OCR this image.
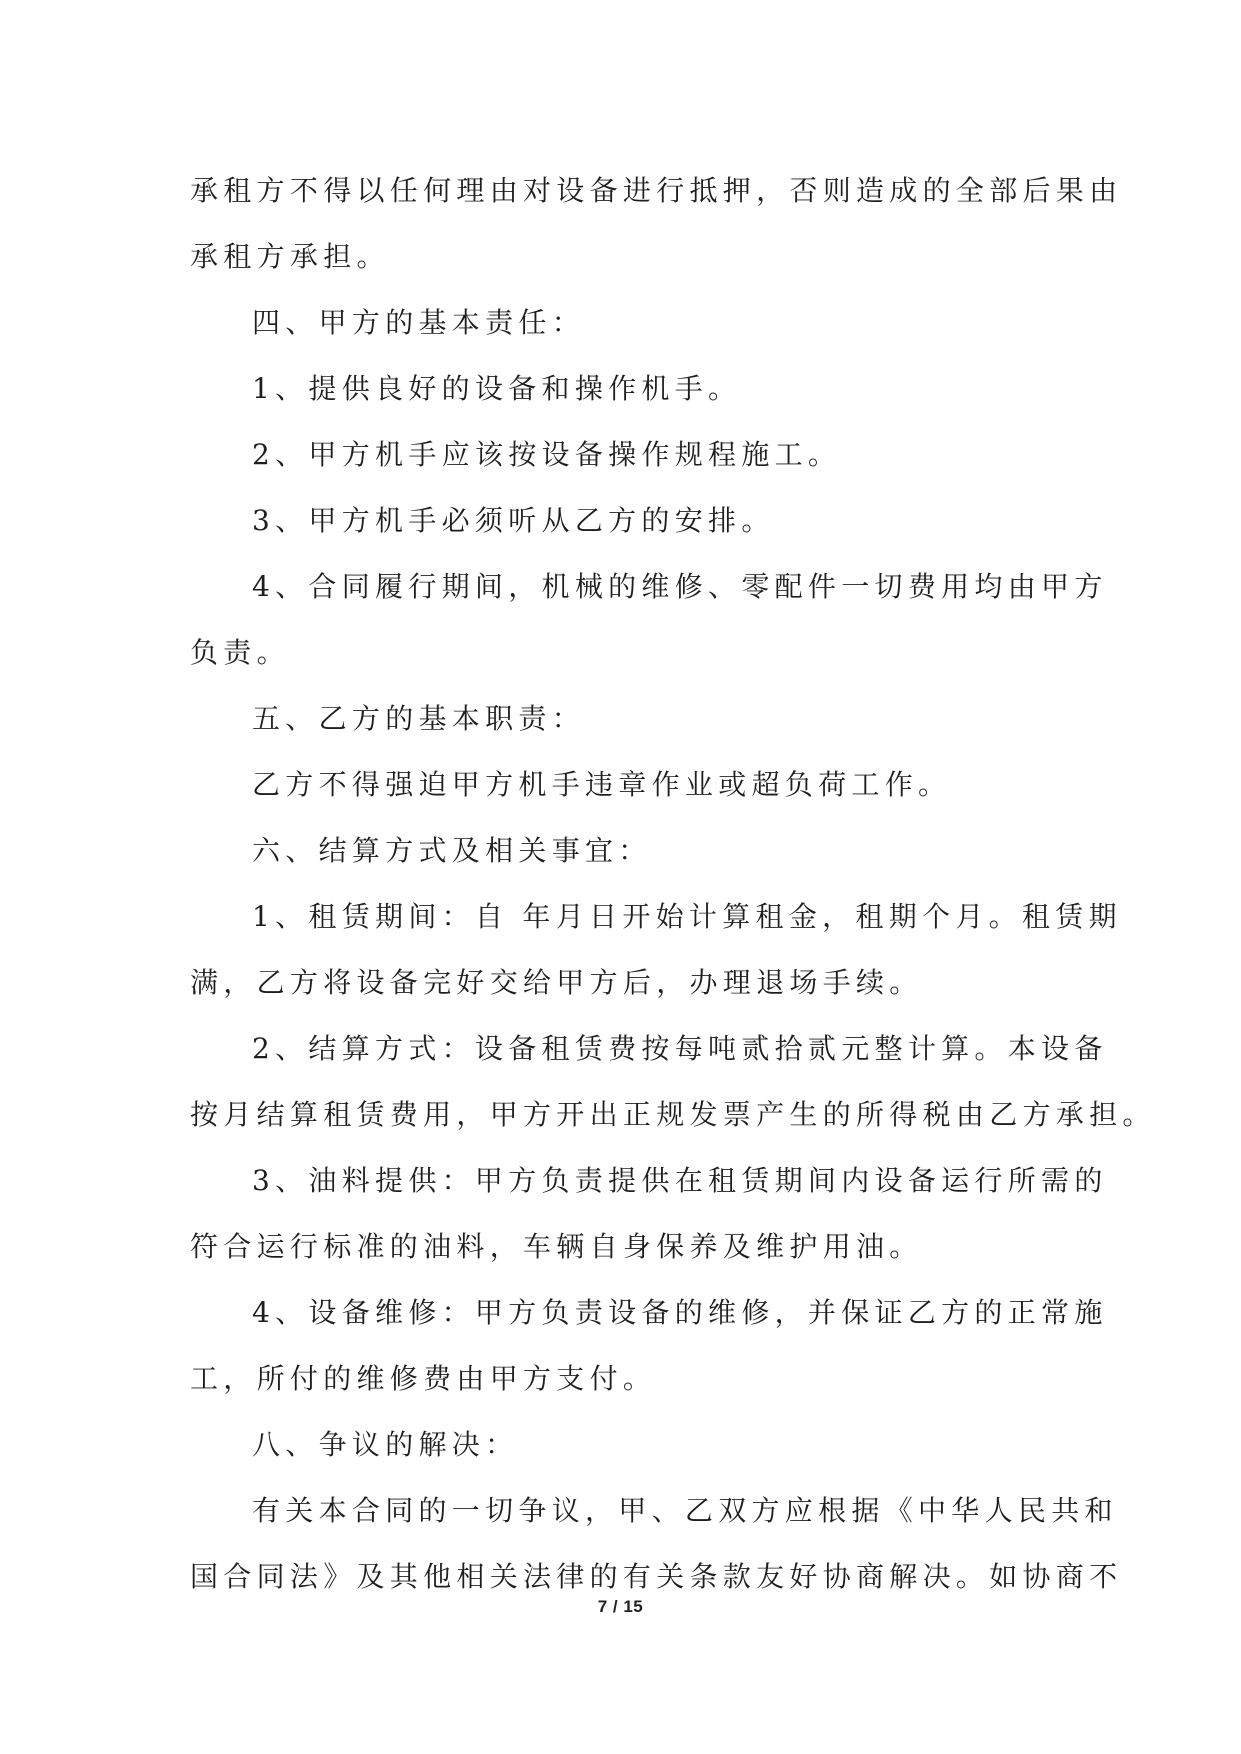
承租方不得以任何理由对设备进行抵押，否则造成的全部后果由

承租方承担。

四、甲方的基本责任：

1、提供良好的设备和操作机手。

2、甲方机手应该按设备操作规程施工。

3、甲方机手必须听从乙方的安排。

4、合同履行期间，机械的维修、零配件一切费用均由甲方

负责。

五、乙方的基本职责：

乙方不得强迫甲方机手违章作业或超负荷工作。

六、结算方式及相关事宜：

1、租赁期间：自 年月日开始计算租金，租期个月。租赁期

满，乙方将设备完好交给甲方后，办理退场手续。

2、结算方式：设备租赁费按每吨贰拾贰元整计算。本设备

按月结算租赁费用，甲方开出正规发票产生的所得税由乙方承担。

3、油料提供：甲方负责提供在租赁期间内设备运行所需的

符合运行标准的油料，车辆自身保养及维护用油。

4、设备维修：甲方负责设备的维修，并保证乙方的正常施

工，所付的维修费由甲方支付。

八、争议的解决：

有关本合同的一切争议，甲、乙双方应根据《中华人民共和

国合同法》及其他相关法律的有关条款友好协商解决。如协商不

7 / 15
